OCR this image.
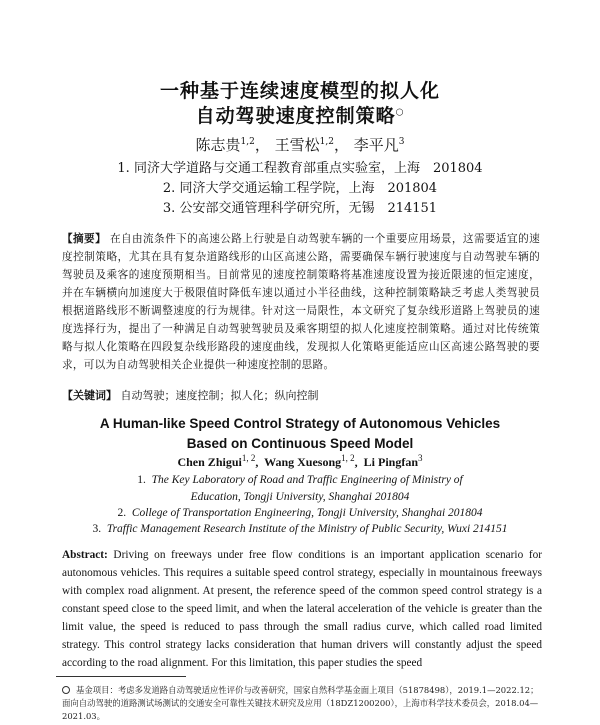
一种基于连续速度模型的拟人化
自动驾驶速度控制策略○
陈志贵$^{1,2}$， 王雪松$^{1,2}$， 李平凡$^3$
1. 同济大学道路与交通工程教育部重点实验室，上海　201804
2. 同济大学交通运输工程学院，上海　201804
3. 公安部交通管理科学研究所，无锡　214151
【摘要】 在自由流条件下的高速公路上行驶是自动驾驶车辆的一个重要应用场景，这需要适宜的速度控制策略，尤其在具有复杂道路线形的山区高速公路，需要确保车辆行驶速度与自动驾驶车辆的驾驶员及乘客的速度预期相当。目前常见的速度控制策略将基准速度设置为接近限速的恒定速度，并在车辆横向加速度大于极限值时降低车速以通过小半径曲线，这种控制策略缺乏考虑人类驾驶员根据道路线形不断调整速度的行为规律。针对这一局限性，本文研究了复杂线形道路上驾驶员的速度选择行为，提出了一种满足自动驾驶驾驶员及乘客期望的拟人化速度控制策略。通过对比传统策略与拟人化策略在四段复杂线形路段的速度曲线，发现拟人化策略更能适应山区高速公路驾驶的要求，可以为自动驾驶相关企业提供一种速度控制的思路。
【关键词】 自动驾驶；速度控制；拟人化；纵向控制
A Human-like Speed Control Strategy of Autonomous Vehicles
Based on Continuous Speed Model
Chen Zhigui$^{1, 2}$,  Wang Xuesong$^{1, 2}$,  Li Pingfan$^3$
1. The Key Laboratory of Road and Traffic Engineering of Ministry of
Education, Tongji University, Shanghai 201804
2. College of Transportation Engineering, Tongji University, Shanghai 201804
3. Traffic Management Research Institute of the Ministry of Public Security, Wuxi 214151
Abstract: Driving on freeways under free flow conditions is an important application scenario for autonomous vehicles. This requires a suitable speed control strategy, especially in mountainous freeways with complex road alignment. At present, the reference speed of the common speed control strategy is a constant speed close to the speed limit, and when the lateral acceleration of the vehicle is greater than the limit value, the speed is reduced to pass through the small radius curve, which called road limited strategy. This control strategy lacks consideration that human drivers will constantly adjust the speed according to the road alignment. For this limitation, this paper studies the speed
基金项目：考虑多发道路自动驾驶适应性评价与改善研究，国家自然科学基金面上项目（51878498），2019.1—2022.12；面向自动驾驶的道路测试场测试的交通安全可靠性关键技术研究及应用（18DZ1200200），上海市科学技术委员会，2018.04—2021.03。
